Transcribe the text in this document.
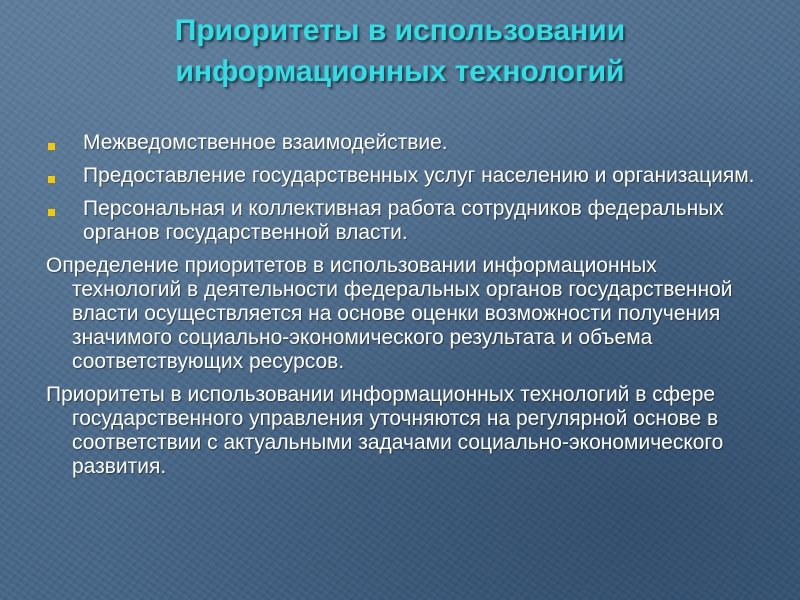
Приоритеты в использовании информационных технологий
Межведомственное взаимодействие.
Предоставление государственных услуг населению и организациям.
Персональная и коллективная работа сотрудников федеральных органов государственной власти.
Определение приоритетов в использовании информационных технологий в деятельности федеральных органов государственной власти осуществляется на основе оценки возможности получения значимого социально-экономического результата и объема соответствующих ресурсов.
Приоритеты в использовании информационных технологий в сфере государственного управления уточняются на регулярной основе в соответствии с актуальными задачами социально-экономического развития.
